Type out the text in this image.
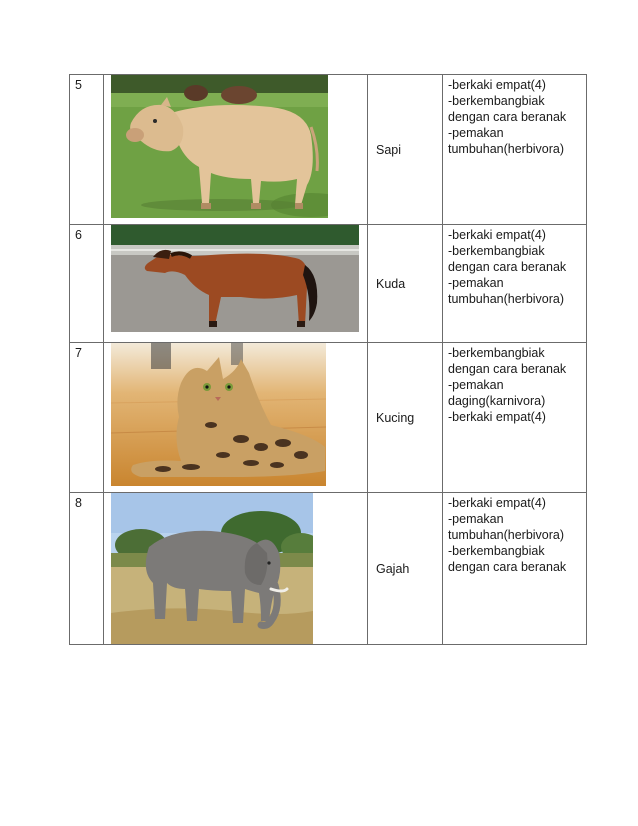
5		Sapi	-berkaki empat(4)
-berkembangbiak
dengan cara beranak
-pemakan
tumbuhan(herbivora)

6		Kuda	-berkaki empat(4)
-berkembangbiak
dengan cara beranak
-pemakan
tumbuhan(herbivora)

7		Kucing	-berkembangbiak
dengan cara beranak
-pemakan
daging(karnivora)
-berkaki empat(4)

8		Gajah	-berkaki empat(4)
-pemakan
tumbuhan(herbivora)
-berkembangbiak
dengan cara beranak
